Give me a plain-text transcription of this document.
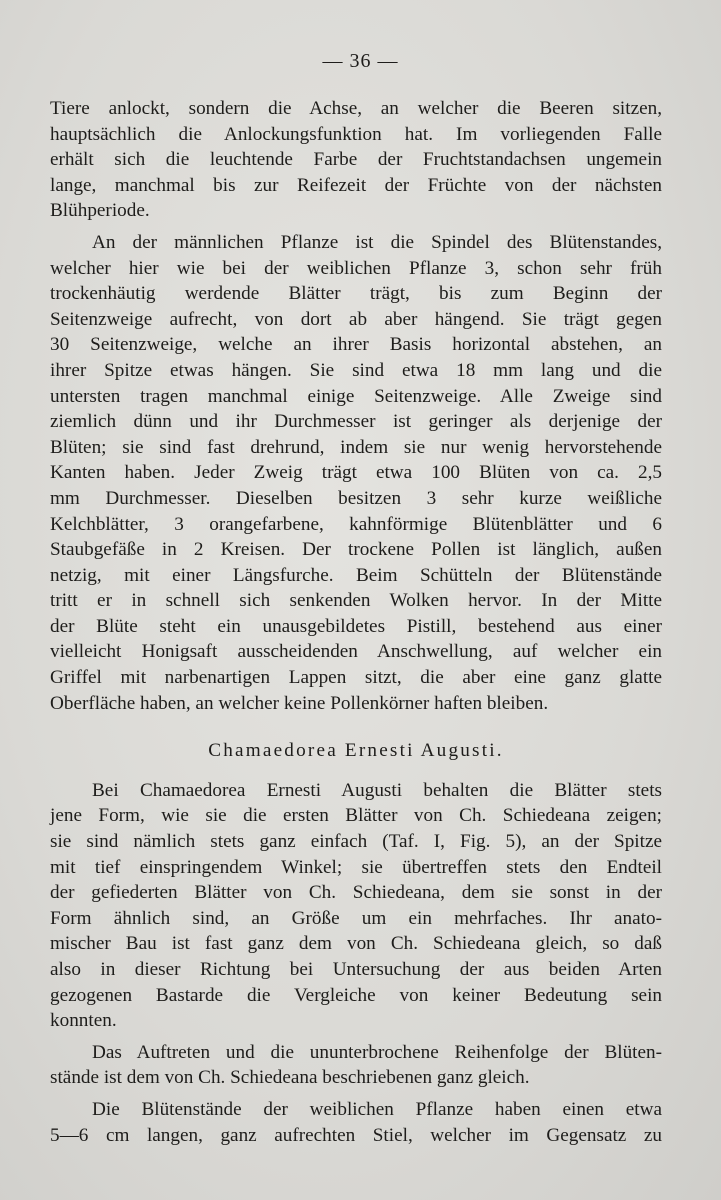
— 36 —
Tiere anlockt, sondern die Achse, an welcher die Beeren sitzen,
hauptsächlich die Anlockungsfunktion hat. Im vorliegenden Falle
erhält sich die leuchtende Farbe der Fruchtstandachsen ungemein
lange, manchmal bis zur Reifezeit der Früchte von der nächsten
Blühperiode.
An der männlichen Pflanze ist die Spindel des Blütenstandes,
welcher hier wie bei der weiblichen Pflanze 3, schon sehr früh
trockenhäutig werdende Blätter trägt, bis zum Beginn der
Seitenzweige aufrecht, von dort ab aber hängend. Sie trägt gegen
30 Seitenzweige, welche an ihrer Basis horizontal abstehen, an
ihrer Spitze etwas hängen. Sie sind etwa 18 mm lang und die
untersten tragen manchmal einige Seitenzweige. Alle Zweige sind
ziemlich dünn und ihr Durchmesser ist geringer als derjenige der
Blüten; sie sind fast drehrund, indem sie nur wenig hervorstehende
Kanten haben. Jeder Zweig trägt etwa 100 Blüten von ca. 2,5
mm Durchmesser. Dieselben besitzen 3 sehr kurze weißliche
Kelchblätter, 3 orangefarbene, kahnförmige Blütenblätter und 6
Staubgefäße in 2 Kreisen. Der trockene Pollen ist länglich, außen
netzig, mit einer Längsfurche. Beim Schütteln der Blütenstände
tritt er in schnell sich senkenden Wolken hervor. In der Mitte
der Blüte steht ein unausgebildetes Pistill, bestehend aus einer
vielleicht Honigsaft ausscheidenden Anschwellung, auf welcher ein
Griffel mit narbenartigen Lappen sitzt, die aber eine ganz glatte
Oberfläche haben, an welcher keine Pollenkörner haften bleiben.
Chamaedorea Ernesti Augusti.
Bei Chamaedorea Ernesti Augusti behalten die Blätter stets
jene Form, wie sie die ersten Blätter von Ch. Schiedeana zeigen;
sie sind nämlich stets ganz einfach (Taf. I, Fig. 5), an der Spitze
mit tief einspringendem Winkel; sie übertreffen stets den Endteil
der gefiederten Blätter von Ch. Schiedeana, dem sie sonst in der
Form ähnlich sind, an Größe um ein mehrfaches. Ihr anato-
mischer Bau ist fast ganz dem von Ch. Schiedeana gleich, so daß
also in dieser Richtung bei Untersuchung der aus beiden Arten
gezogenen Bastarde die Vergleiche von keiner Bedeutung sein
konnten.
Das Auftreten und die ununterbrochene Reihenfolge der Blüten-
stände ist dem von Ch. Schiedeana beschriebenen ganz gleich.
Die Blütenstände der weiblichen Pflanze haben einen etwa
5—6 cm langen, ganz aufrechten Stiel, welcher im Gegensatz zu
